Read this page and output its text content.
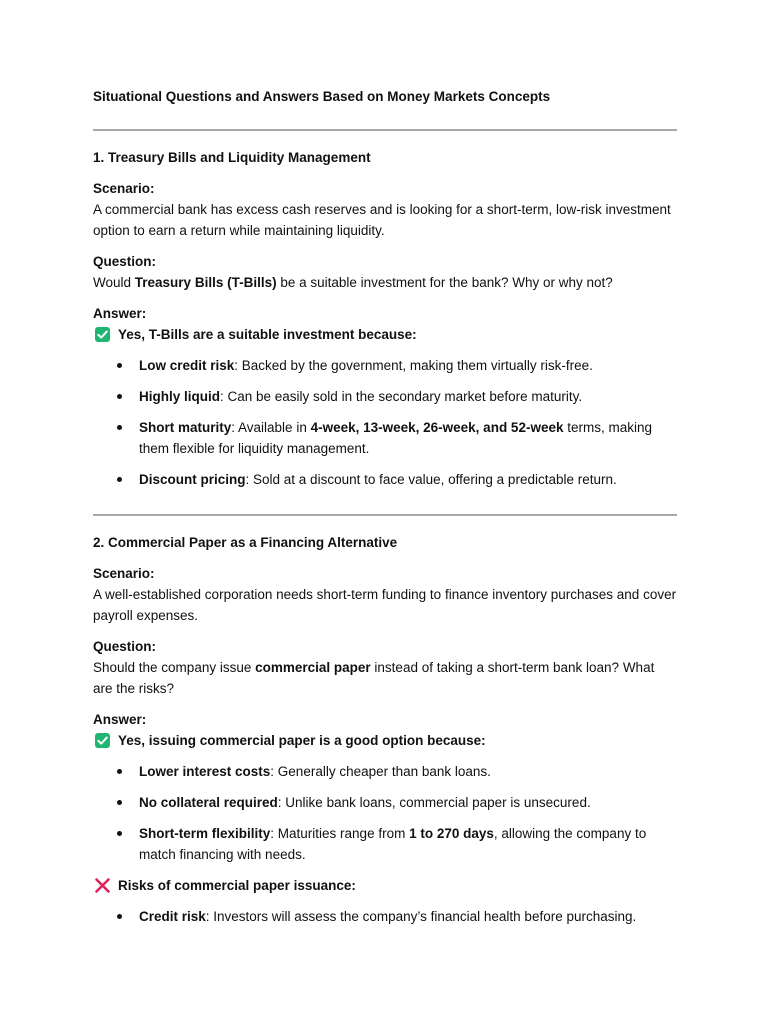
Situational Questions and Answers Based on Money Markets Concepts
1. Treasury Bills and Liquidity Management
Scenario:
A commercial bank has excess cash reserves and is looking for a short-term, low-risk investment option to earn a return while maintaining liquidity.
Question:
Would Treasury Bills (T-Bills) be a suitable investment for the bank? Why or why not?
Answer:
Yes, T-Bills are a suitable investment because:
Low credit risk: Backed by the government, making them virtually risk-free.
Highly liquid: Can be easily sold in the secondary market before maturity.
Short maturity: Available in 4-week, 13-week, 26-week, and 52-week terms, making them flexible for liquidity management.
Discount pricing: Sold at a discount to face value, offering a predictable return.
2. Commercial Paper as a Financing Alternative
Scenario:
A well-established corporation needs short-term funding to finance inventory purchases and cover payroll expenses.
Question:
Should the company issue commercial paper instead of taking a short-term bank loan? What are the risks?
Answer:
Yes, issuing commercial paper is a good option because:
Lower interest costs: Generally cheaper than bank loans.
No collateral required: Unlike bank loans, commercial paper is unsecured.
Short-term flexibility: Maturities range from 1 to 270 days, allowing the company to match financing with needs.
Risks of commercial paper issuance:
Credit risk: Investors will assess the company’s financial health before purchasing.
